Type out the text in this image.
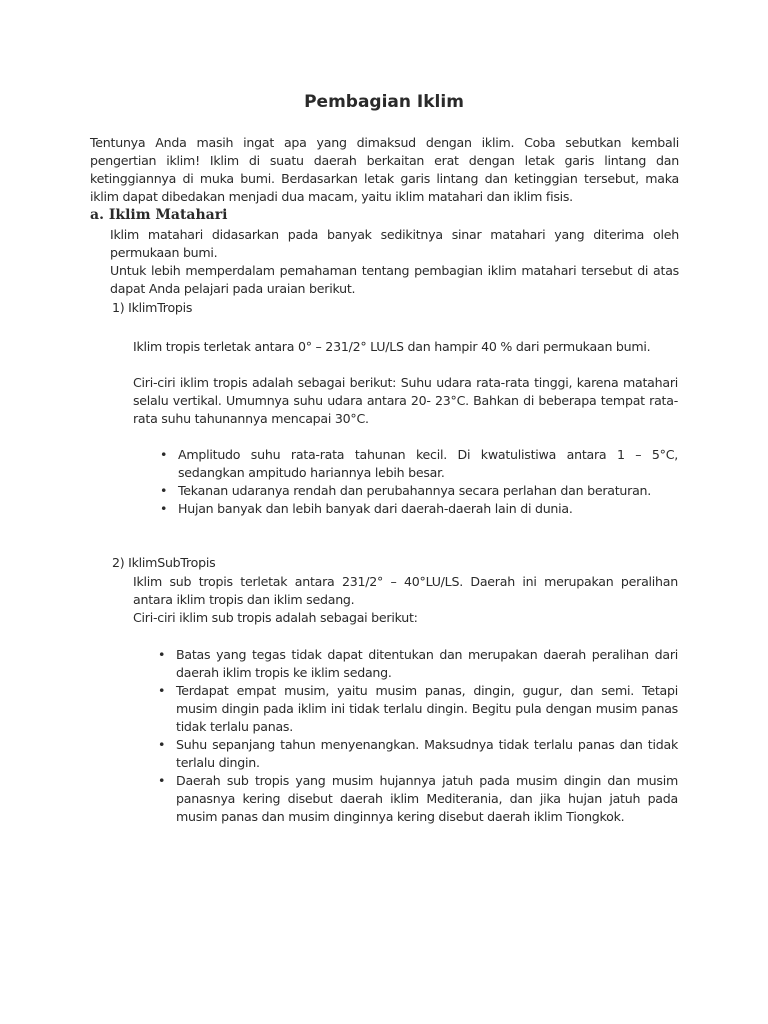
Pembagian Iklim
Tentunya Anda masih ingat apa yang dimaksud dengan iklim. Coba sebutkan kembali pengertian iklim! Iklim di suatu daerah berkaitan erat dengan letak garis lintang dan ketinggiannya di muka bumi. Berdasarkan letak garis lintang dan ketinggian tersebut, maka iklim dapat dibedakan menjadi dua macam, yaitu iklim matahari dan iklim fisis.
a. Iklim Matahari
Iklim matahari didasarkan pada banyak sedikitnya sinar matahari yang diterima oleh permukaan bumi.
Untuk lebih memperdalam pemahaman tentang pembagian iklim matahari tersebut di atas dapat Anda pelajari pada uraian berikut.
1) IklimTropis
Iklim tropis terletak antara 0° – 231/2° LU/LS dan hampir 40 % dari permukaan bumi.
Ciri-ciri iklim tropis adalah sebagai berikut: Suhu udara rata-rata tinggi, karena matahari selalu vertikal. Umumnya suhu udara antara 20- 23°C. Bahkan di beberapa tempat rata-rata suhu tahunannya mencapai 30°C.
• Amplitudo suhu rata-rata tahunan kecil. Di kwatulistiwa antara 1 – 5°C, sedangkan ampitudo hariannya lebih besar.
• Tekanan udaranya rendah dan perubahannya secara perlahan dan beraturan.
• Hujan banyak dan lebih banyak dari daerah-daerah lain di dunia.
2) IklimSubTropis
Iklim sub tropis terletak antara 231/2° – 40°LU/LS. Daerah ini merupakan peralihan antara iklim tropis dan iklim sedang.
Ciri-ciri iklim sub tropis adalah sebagai berikut:
• Batas yang tegas tidak dapat ditentukan dan merupakan daerah peralihan dari daerah iklim tropis ke iklim sedang.
• Terdapat empat musim, yaitu musim panas, dingin, gugur, dan semi. Tetapi musim dingin pada iklim ini tidak terlalu dingin. Begitu pula dengan musim panas tidak terlalu panas.
• Suhu sepanjang tahun menyenangkan. Maksudnya tidak terlalu panas dan tidak terlalu dingin.
• Daerah sub tropis yang musim hujannya jatuh pada musim dingin dan musim panasnya kering disebut daerah iklim Mediterania, dan jika hujan jatuh pada musim panas dan musim dinginnya kering disebut daerah iklim Tiongkok.
